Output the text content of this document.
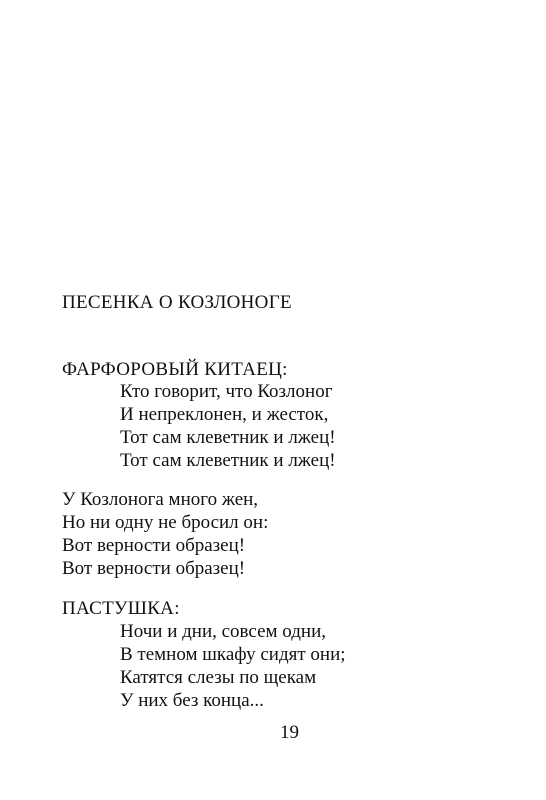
ПЕСЕНКА О КОЗЛОНОГЕ
ФАРФОРОВЫЙ КИТАЕЦ:
Кто говорит, что Козлоног
И непреклонен, и жесток,
Тот сам клеветник и лжец!
Тот сам клеветник и лжец!
У Козлонога много жен,
Но ни одну не бросил он:
Вот верности образец!
Вот верности образец!
ПАСТУШКА:
Ночи и дни, совсем одни,
В темном шкафу сидят они;
Катятся слезы по щекам
У них без конца...
19
